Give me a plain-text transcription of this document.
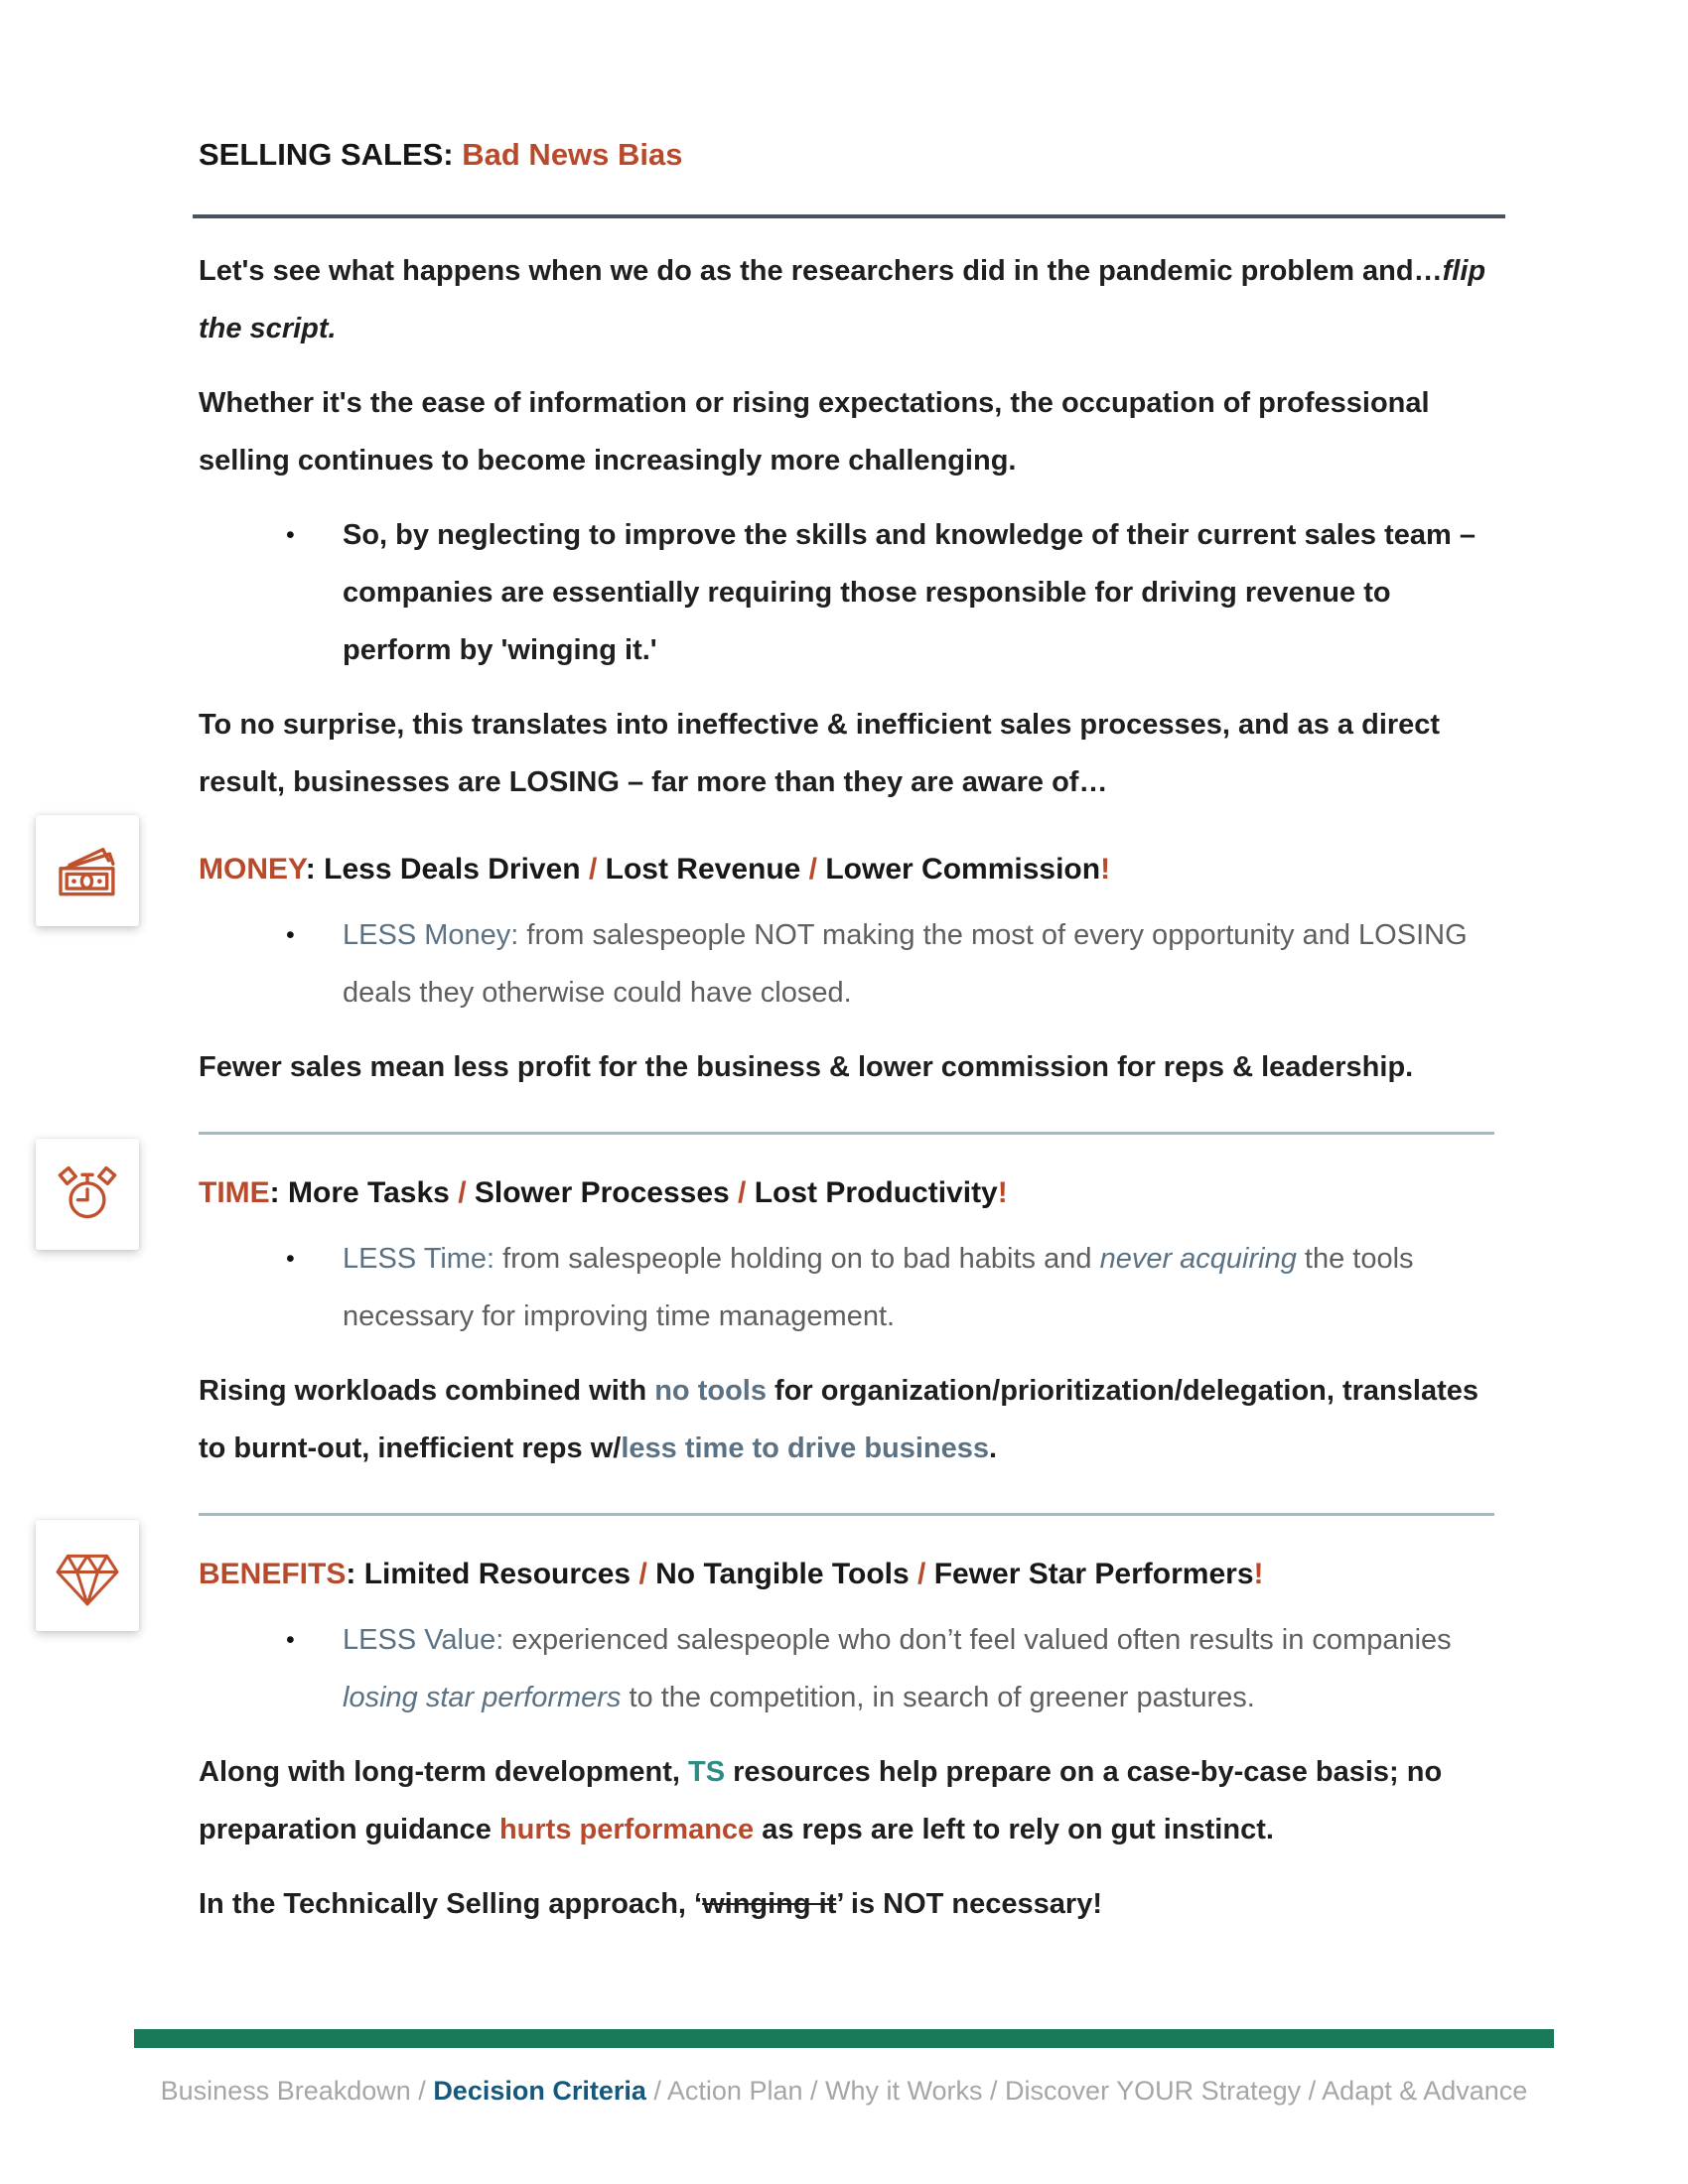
SELLING SALES: Bad News Bias

Let's see what happens when we do as the researchers did in the pandemic problem and…flip the script.

Whether it's the ease of information or rising expectations, the occupation of professional selling continues to become increasingly more challenging.

•
So, by neglecting to improve the skills and knowledge of their current sales team – companies are essentially requiring those responsible for driving revenue to perform by 'winging it.'

To no surprise, this translates into ineffective & inefficient sales processes, and as a direct result, businesses are LOSING – far more than they are aware of…

MONEY: Less Deals Driven / Lost Revenue / Lower Commission!
•
LESS Money: from salespeople NOT making the most of every opportunity and LOSING deals they otherwise could have closed.

Fewer sales mean less profit for the business & lower commission for reps & leadership.

TIME: More Tasks / Slower Processes / Lost Productivity!
•
LESS Time: from salespeople holding on to bad habits and never acquiring the tools necessary for improving time management.

Rising workloads combined with no tools for organization/prioritization/delegation, translates to burnt-out, inefficient reps w/less time to drive business.

BENEFITS: Limited Resources / No Tangible Tools / Fewer Star Performers!
•
LESS Value: experienced salespeople who don’t feel valued often results in companies losing star performers to the competition, in search of greener pastures.

Along with long-term development, TS resources help prepare on a case-by-case basis; no preparation guidance hurts performance as reps are left to rely on gut instinct.

In the Technically Selling approach, ‘winging it’ is NOT necessary!

Business Breakdown / Decision Criteria / Action Plan / Why it Works / Discover YOUR Strategy / Adapt & Advance
